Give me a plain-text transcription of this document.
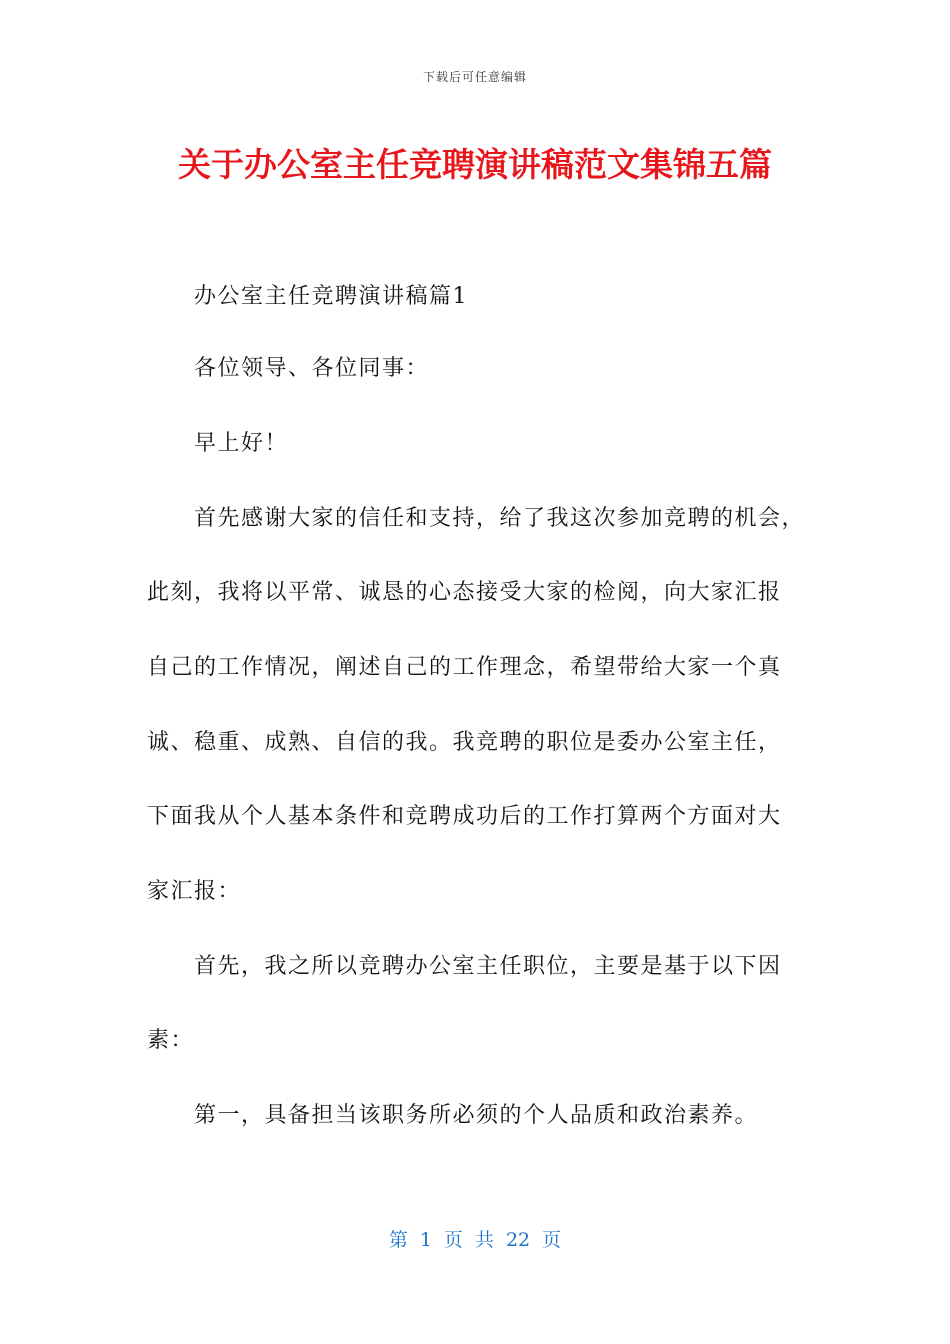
下载后可任意编辑
关于办公室主任竞聘演讲稿范文集锦五篇
办公室主任竞聘演讲稿篇1
各位领导、各位同事：
早上好！
首先感谢大家的信任和支持，给了我这次参加竞聘的机会，
此刻，我将以平常、诚恳的心态接受大家的检阅，向大家汇报
自己的工作情况，阐述自己的工作理念，希望带给大家一个真
诚、稳重、成熟、自信的我。我竞聘的职位是委办公室主任，
下面我从个人基本条件和竞聘成功后的工作打算两个方面对大
家汇报：
首先，我之所以竞聘办公室主任职位，主要是基于以下因
素：
第一，具备担当该职务所必须的个人品质和政治素养。
第 1 页 共 22 页
